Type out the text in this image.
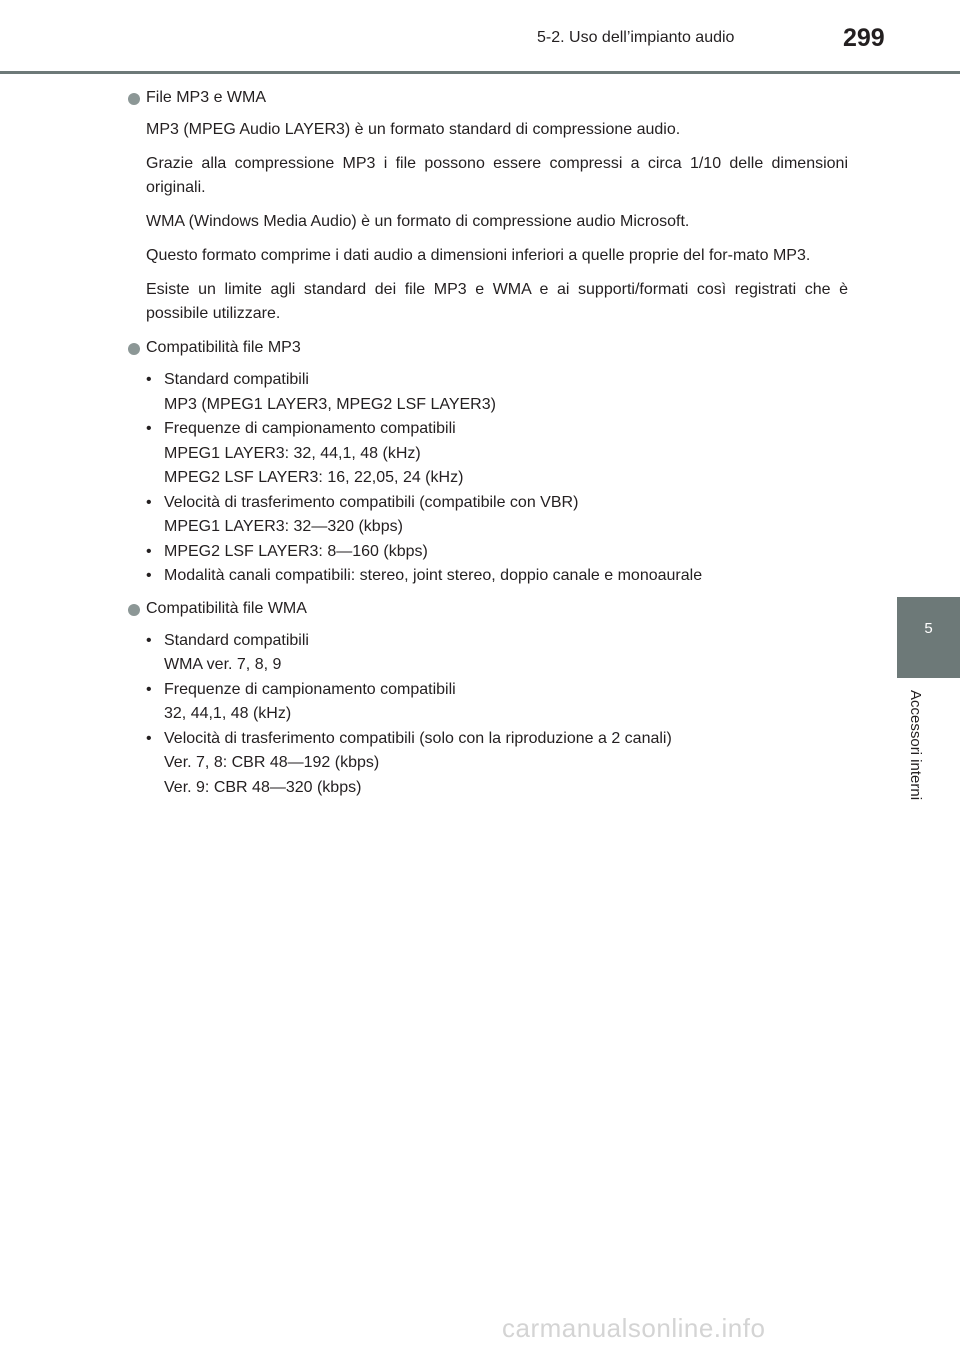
5-2. Uso dell’impianto audio	299
5
Accessori interni

File MP3 e WMA

MP3 (MPEG Audio LAYER3) è un formato standard di compressione audio.

Grazie alla compressione MP3 i file possono essere compressi a circa 1/10 delle dimensioni originali.

WMA (Windows Media Audio) è un formato di compressione audio Microsoft.

Questo formato comprime i dati audio a dimensioni inferiori a quelle proprie del for-mato MP3.

Esiste un limite agli standard dei file MP3 e WMA e ai supporti/formati così registrati che è possibile utilizzare.

Compatibilità file MP3

• Standard compatibili
MP3 (MPEG1 LAYER3, MPEG2 LSF LAYER3)
• Frequenze di campionamento compatibili
MPEG1 LAYER3: 32, 44,1, 48 (kHz)
MPEG2 LSF LAYER3: 16, 22,05, 24 (kHz)
• Velocità di trasferimento compatibili (compatibile con VBR)
MPEG1 LAYER3: 32—320 (kbps)
• MPEG2 LSF LAYER3: 8—160 (kbps)
• Modalità canali compatibili: stereo, joint stereo, doppio canale e monoaurale

Compatibilità file WMA

• Standard compatibili
WMA ver. 7, 8, 9
• Frequenze di campionamento compatibili
32, 44,1, 48 (kHz)
• Velocità di trasferimento compatibili (solo con la riproduzione a 2 canali)
Ver. 7, 8: CBR 48—192 (kbps)
Ver. 9: CBR 48—320 (kbps)
carmanualsonline.info
